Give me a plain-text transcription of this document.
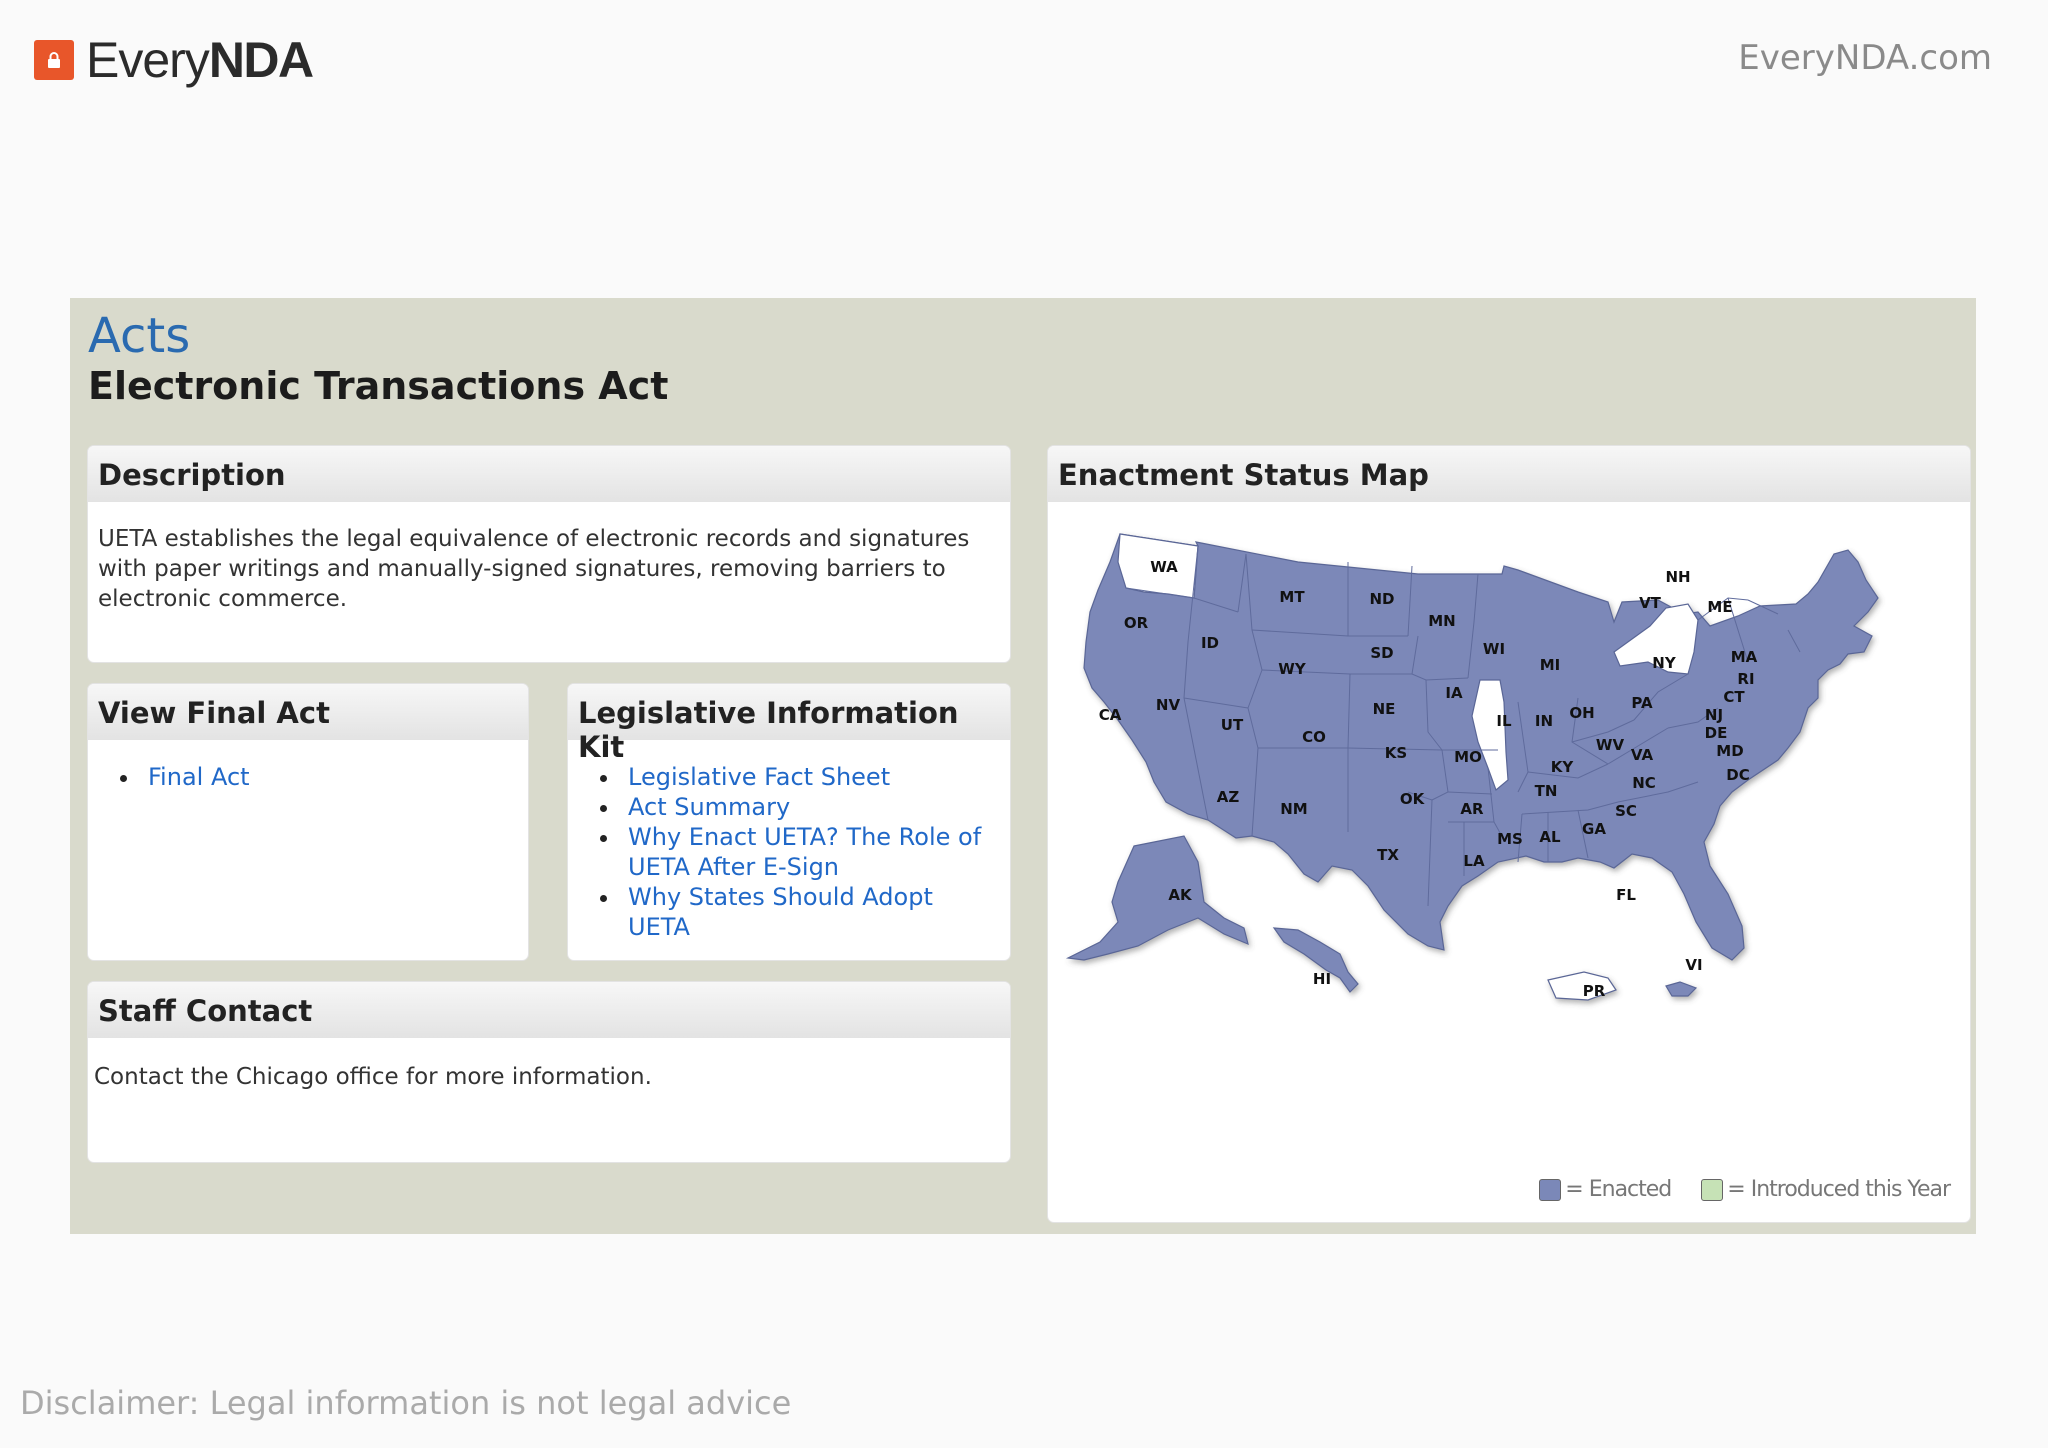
EveryNDA	EveryNDA.com
Acts
Electronic Transactions Act
Description
UETA establishes the legal equivalence of electronic records and signatures with paper writings and manually-signed signatures, removing barriers to electronic commerce.
View Final Act
Final Act
Legislative Information Kit
Legislative Fact Sheet
Act Summary
Why Enact UETA? The Role of UETA After E-Sign
Why States Should Adopt UETA
Staff Contact
Contact the Chicago office for more information.
Enactment Status Map
WA
OR
CA
ID
NV
MT
WY
UT
AZ
CO
NM
ND
SD
NE
KS
OK
TX
MN
IA
MO
AR
LA
WI
IL
MI
IN OH
KY
TN
MS AL GA
FL
SC
NC
VA
WV
PA
NY
VT
NH
ME
MA
RI
CT
NJ
DE
MD
DC
AK
HI
PR
VI
= Enacted	= Introduced this Year
Disclaimer: Legal information is not legal advice
